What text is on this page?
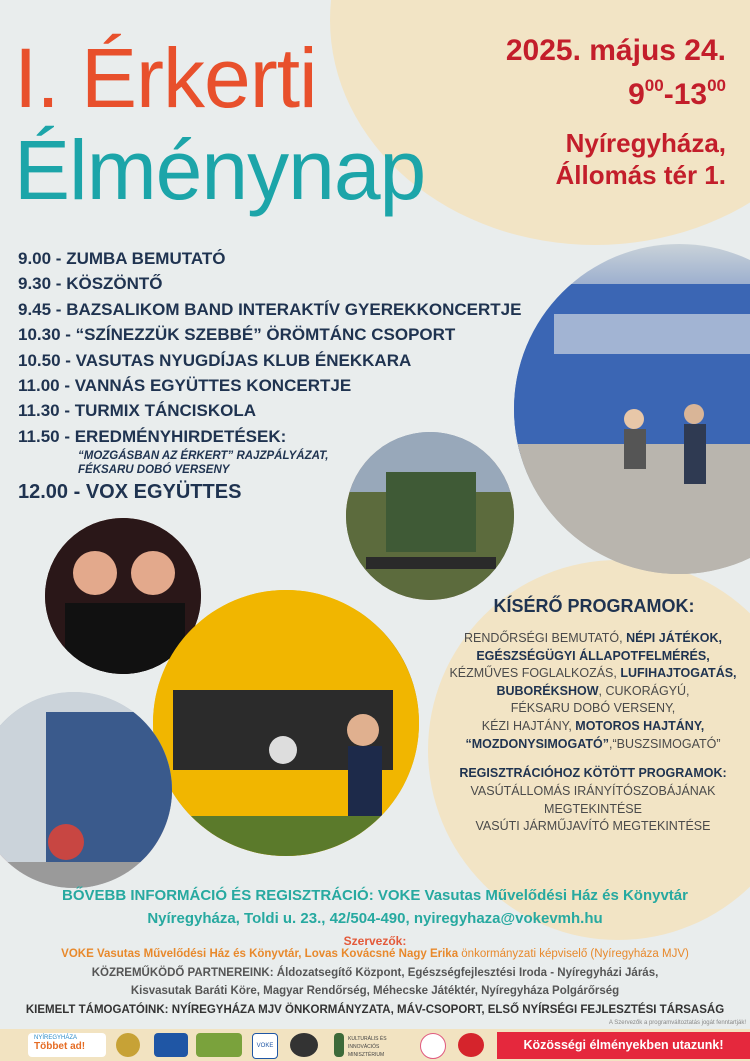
I. Érkerti
Élménynap
2025. május 24.
$9^{00}-13^{00}$
Nyíregyháza,
Állomás tér 1.
9.00 - ZUMBA BEMUTATÓ
9.30 - KÖSZÖNTŐ
9.45 - BAZSALIKOM BAND INTERAKTÍV GYEREKKONCERTJE
10.30 - “SZÍNEZZÜK SZEBBÉ” ÖRÖMTÁNC CSOPORT
10.50 - VASUTAS NYUGDÍJAS KLUB ÉNEKKARA
11.00 - VANNÁS EGYÜTTES KONCERTJE
11.30 - TURMIX TÁNCISKOLA
11.50 - EREDMÉNYHIRDETÉSEK:
“MOZGÁSBAN AZ ÉRKERT” RAJZPÁLYÁZAT,
FÉKSARU DOBÓ VERSENY
12.00 - VOX EGYÜTTES
KÍSÉRŐ PROGRAMOK:
RENDŐRSÉGI BEMUTATÓ, NÉPI JÁTÉKOK,
EGÉSZSÉGÜGYI ÁLLAPOTFELMÉRÉS,
KÉZMŰVES FOGLALKOZÁS, LUFIHAJTOGATÁS,
BUBORÉKSHOW, CUKORÁGYÚ,
FÉKSARU DOBÓ VERSENY,
KÉZI HAJTÁNY, MOTOROS HAJTÁNY,
“MOZDONYSIMOGATÓ”,“BUSZSIMOGATÓ”
REGISZTRÁCIÓHOZ KÖTÖTT PROGRAMOK:
VASÚTÁLLOMÁS IRÁNYÍTÓSZOBÁJÁNAK
MEGTEKINTÉSE
VASÚTI JÁRMŰJAVÍTÓ MEGTEKINTÉSE
BŐVEBB INFORMÁCIÓ ÉS REGISZTRÁCIÓ: VOKE Vasutas Művelődési Ház és Könyvtár
Nyíregyháza, Toldi u. 23., 42/504-490, nyiregyhaza@vokevmh.hu
Szervezők:
VOKE Vasutas Művelődési Ház és Könyvtár, Lovas Kovácsné Nagy Erika önkormányzati képviselő (Nyíregyháza MJV)
KÖZREMŰKÖDŐ PARTNEREINK: Áldozatsegítő Központ, Egészségfejlesztési Iroda - Nyíregyházi Járás,
Kisvasutak Baráti Köre, Magyar Rendőrség, Méhecske Játéktér, Nyíregyháza Polgárőrség
KIEMELT TÁMOGATÓINK: NYÍREGYHÁZA MJV ÖNKORMÁNYZATA, MÁV-CSOPORT, ELSŐ NYÍRSÉGI FEJLESZTÉSI TÁRSASÁG
A Szervezők a programváltoztatás jogát fenntartják!
NYÍREGYHÁZA
Többet ad!	VOKE
KULTURÁLIS ÉS INNOVÁCIÓS MINISZTÉRIUM
Közösségi élményekben utazunk!
